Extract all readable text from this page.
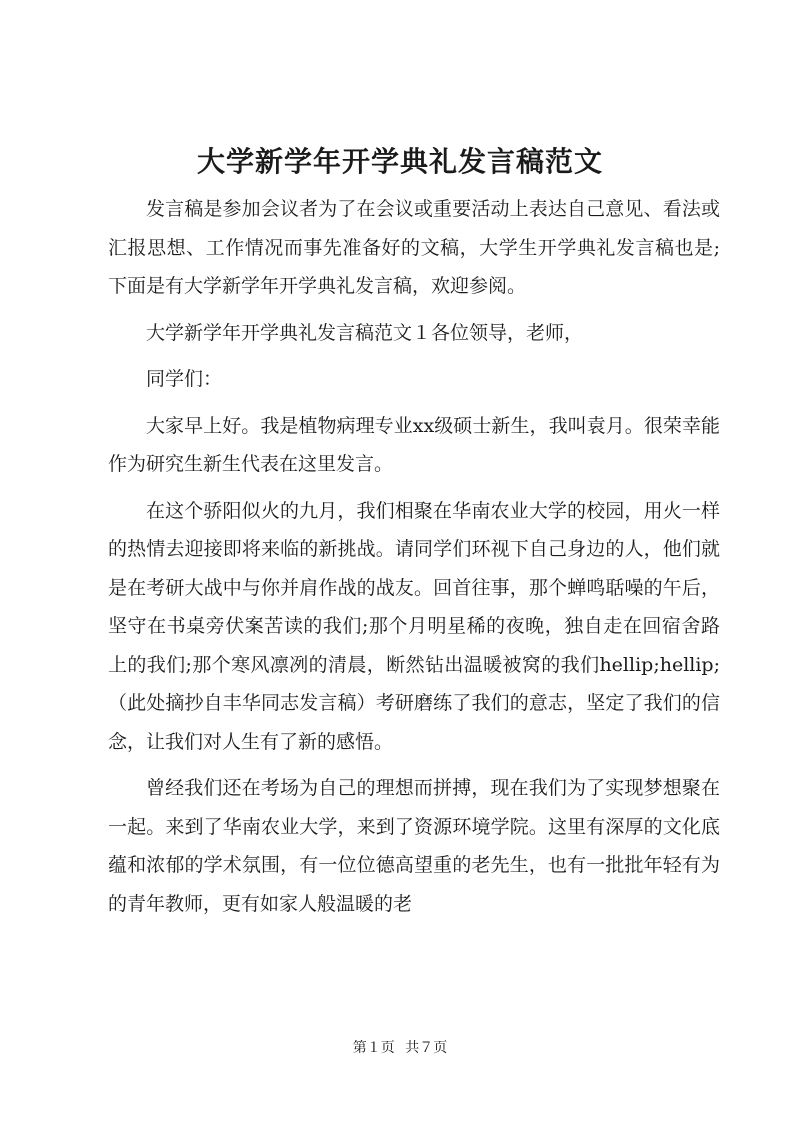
大学新学年开学典礼发言稿范文

发言稿是参加会议者为了在会议或重要活动上表达自己意见、看法或汇报思想、工作情况而事先准备好的文稿，大学生开学典礼发言稿也是;下面是有大学新学年开学典礼发言稿，欢迎参阅。

大学新学年开学典礼发言稿范文１各位领导，老师，

同学们：

大家早上好。我是植物病理专业xx级硕士新生，我叫袁月。很荣幸能作为研究生新生代表在这里发言。

在这个骄阳似火的九月，我们相聚在华南农业大学的校园，用火一样的热情去迎接即将来临的新挑战。请同学们环视下自己身边的人，他们就是在考研大战中与你并肩作战的战友。回首往事，那个蝉鸣聒噪的午后，坚守在书桌旁伏案苦读的我们;那个月明星稀的夜晚，独自走在回宿舍路上的我们;那个寒风凛冽的清晨，断然钻出温暖被窝的我们hellip;hellip;（此处摘抄自丰华同志发言稿）考研磨练了我们的意志，坚定了我们的信念，让我们对人生有了新的感悟。

曾经我们还在考场为自己的理想而拼搏，现在我们为了实现梦想聚在一起。来到了华南农业大学，来到了资源环境学院。这里有深厚的文化底蕴和浓郁的学术氛围，有一位位德高望重的老先生，也有一批批年轻有为的青年教师，更有如家人般温暖的老

第１页 共７页
